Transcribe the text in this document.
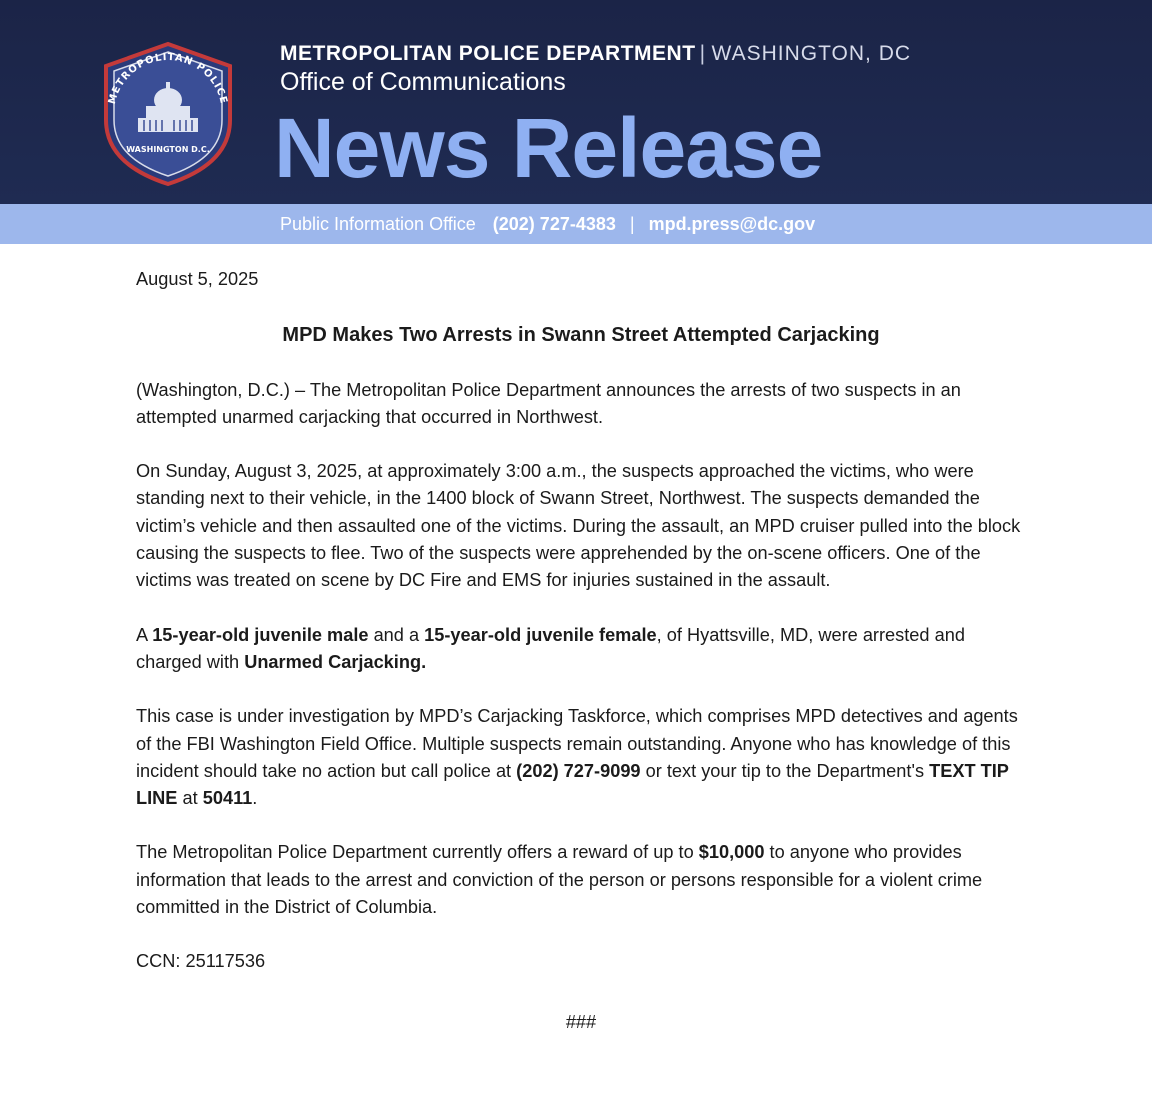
METROPOLITAN POLICE
WASHINGTON D.C.
METROPOLITAN POLICE DEPARTMENT | WASHINGTON, DC
Office of Communications
News Release
Public Information Office (202) 727-4383 | mpd.press@dc.gov

August 5, 2025

MPD Makes Two Arrests in Swann Street Attempted Carjacking

(Washington, D.C.) – The Metropolitan Police Department announces the arrests of two suspects in an attempted unarmed carjacking that occurred in Northwest.

On Sunday, August 3, 2025, at approximately 3:00 a.m., the suspects approached the victims, who were standing next to their vehicle, in the 1400 block of Swann Street, Northwest. The suspects demanded the victim’s vehicle and then assaulted one of the victims. During the assault, an MPD cruiser pulled into the block causing the suspects to flee. Two of the suspects were apprehended by the on-scene officers. One of the victims was treated on scene by DC Fire and EMS for injuries sustained in the assault.

A 15-year-old juvenile male and a 15-year-old juvenile female, of Hyattsville, MD, were arrested and charged with Unarmed Carjacking.

This case is under investigation by MPD’s Carjacking Taskforce, which comprises MPD detectives and agents of the FBI Washington Field Office. Multiple suspects remain outstanding. Anyone who has knowledge of this incident should take no action but call police at (202) 727-9099 or text your tip to the Department's TEXT TIP LINE at 50411.

The Metropolitan Police Department currently offers a reward of up to $10,000 to anyone who provides information that leads to the arrest and conviction of the person or persons responsible for a violent crime committed in the District of Columbia.

CCN: 25117536

###
